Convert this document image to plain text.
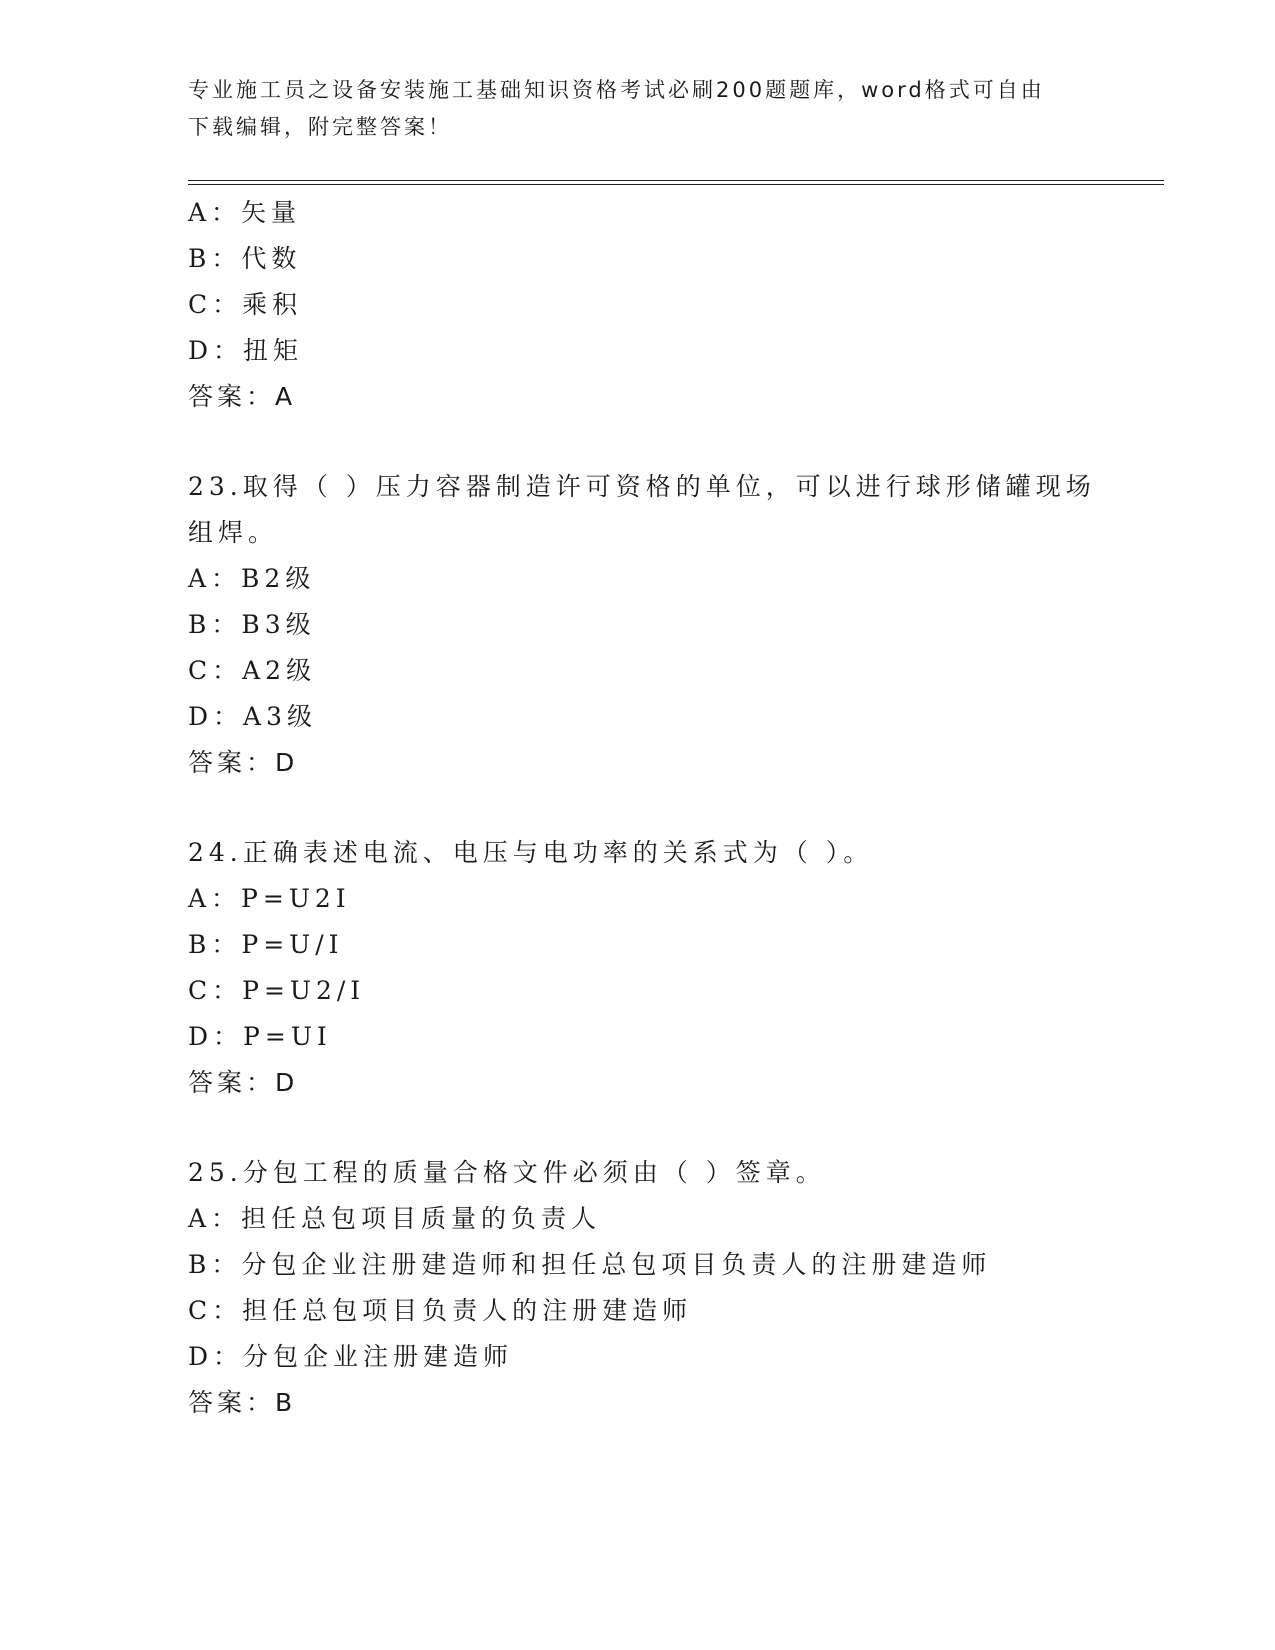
专业施工员之设备安装施工基础知识资格考试必刷200题题库，word格式可自由
下载编辑，附完整答案！
A：矢量
B：代数
C：乘积
D：扭矩
答案：A
23.取得（ ）压力容器制造许可资格的单位，可以进行球形储罐现场
组焊。
A：B2级
B：B3级
C：A2级
D：A3级
答案：D
24.正确表述电流、电压与电功率的关系式为（ ）。
A：P=U2I
B：P=U/I
C：P=U2/I
D：P=UI
答案：D
25.分包工程的质量合格文件必须由（ ）签章。
A：担任总包项目质量的负责人
B：分包企业注册建造师和担任总包项目负责人的注册建造师
C：担任总包项目负责人的注册建造师
D：分包企业注册建造师
答案：B
